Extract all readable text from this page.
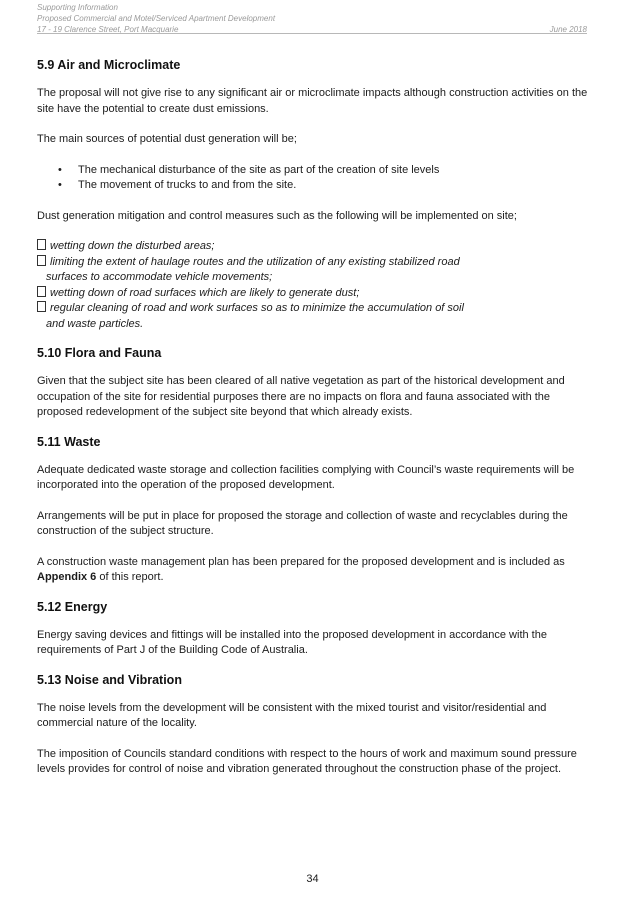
Supporting Information
Proposed Commercial and Motel/Serviced Apartment Development
17 - 19 Clarence Street, Port Macquarie	June 2018
5.9 Air and Microclimate

The proposal will not give rise to any significant air or microclimate impacts although construction activities on the site have the potential to create dust emissions.

The main sources of potential dust generation will be;

• The mechanical disturbance of the site as part of the creation of site levels
• The movement of trucks to and from the site.

Dust generation mitigation and control measures such as the following will be implemented on site;

wetting down the disturbed areas;

limiting the extent of haulage routes and the utilization of any existing stabilized road

surfaces to accommodate vehicle movements;

wetting down of road surfaces which are likely to generate dust;

regular cleaning of road and work surfaces so as to minimize the accumulation of soil

and waste particles.

5.10 Flora and Fauna

Given that the subject site has been cleared of all native vegetation as part of the historical development and occupation of the site for residential purposes there are no impacts on flora and fauna associated with the proposed redevelopment of the subject site beyond that which already exists.

5.11 Waste

Adequate dedicated waste storage and collection facilities complying with Council’s waste requirements will be incorporated into the operation of the proposed development.

Arrangements will be put in place for proposed the storage and collection of waste and recyclables during the construction of the subject structure.

A construction waste management plan has been prepared for the proposed development and is included as Appendix 6 of this report.

5.12 Energy

Energy saving devices and fittings will be installed into the proposed development in accordance with the requirements of Part J of the Building Code of Australia.

5.13 Noise and Vibration

The noise levels from the development will be consistent with the mixed tourist and visitor/residential and commercial nature of the locality.

The imposition of Councils standard conditions with respect to the hours of work and maximum sound pressure levels provides for control of noise and vibration generated throughout the construction phase of the project.

34
